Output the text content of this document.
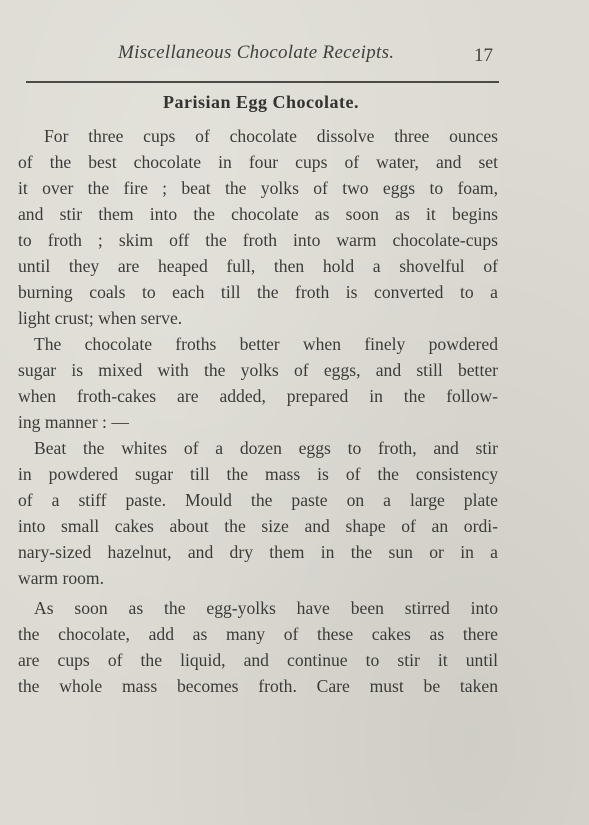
Miscellaneous Chocolate Receipts.	17
Parisian Egg Chocolate.
For three cups of chocolate dissolve three ounces
of the best chocolate in four cups of water, and set
it over the fire ; beat the yolks of two eggs to foam,
and stir them into the chocolate as soon as it begins
to froth ; skim off the froth into warm chocolate-cups
until they are heaped full, then hold a shovelful of
burning coals to each till the froth is converted to a
light crust; when serve.
The chocolate froths better when finely powdered
sugar is mixed with the yolks of eggs, and still better
when froth-cakes are added, prepared in the follow-
ing manner : —
Beat the whites of a dozen eggs to froth, and stir
in powdered sugar till the mass is of the consistency
of a stiff paste. Mould the paste on a large plate
into small cakes about the size and shape of an ordi-
nary-sized hazelnut, and dry them in the sun or in a
warm room.
As soon as the egg-yolks have been stirred into
the chocolate, add as many of these cakes as there
are cups of the liquid, and continue to stir it until
the whole mass becomes froth. Care must be taken
